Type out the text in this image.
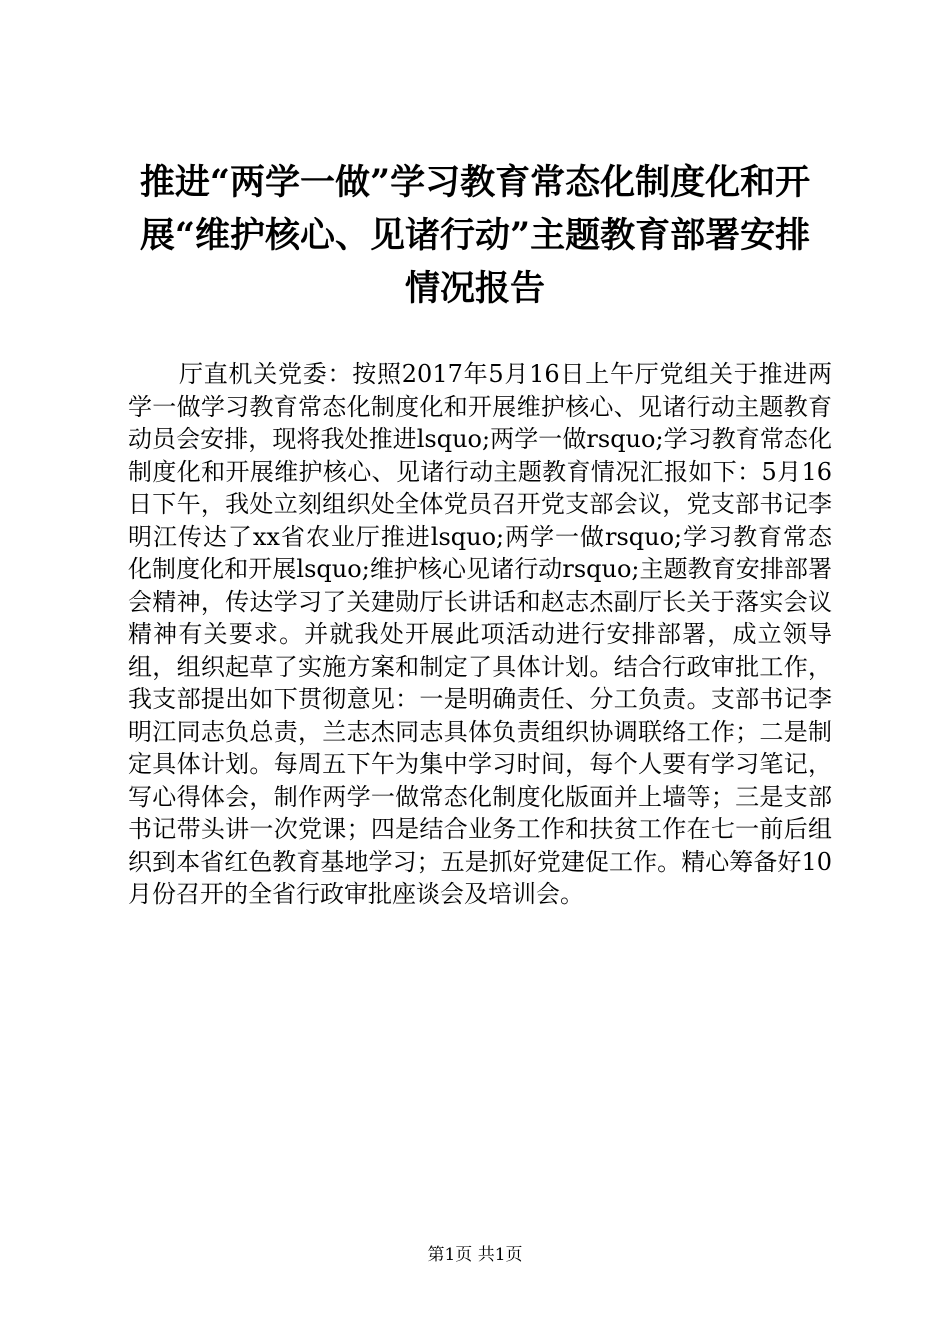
推进“两学一做”学习教育常态化制度化和开
展“维护核心、见诸行动”主题教育部署安排
情况报告

厅直机关党委：按照2017年5月16日上午厅党组关于推进两学一做学习教育常态化制度化和开展维护核心、见诸行动主题教育动员会安排，现将我处推进lsquo;两学一做rsquo;学习教育常态化制度化和开展维护核心、见诸行动主题教育情况汇报如下：5月16日下午，我处立刻组织处全体党员召开党支部会议，党支部书记李明江传达了xx省农业厅推进lsquo;两学一做rsquo;学习教育常态化制度化和开展lsquo;维护核心见诸行动rsquo;主题教育安排部署会精神，传达学习了关建勋厅长讲话和赵志杰副厅长关于落实会议精神有关要求。并就我处开展此项活动进行安排部署，成立领导组，组织起草了实施方案和制定了具体计划。结合行政审批工作，我支部提出如下贯彻意见：一是明确责任、分工负责。支部书记李明江同志负总责，兰志杰同志具体负责组织协调联络工作；二是制定具体计划。每周五下午为集中学习时间，每个人要有学习笔记，写心得体会，制作两学一做常态化制度化版面并上墙等；三是支部书记带头讲一次党课；四是结合业务工作和扶贫工作在七一前后组织到本省红色教育基地学习；五是抓好党建促工作。精心筹备好10月份召开的全省行政审批座谈会及培训会。

第1页 共1页
